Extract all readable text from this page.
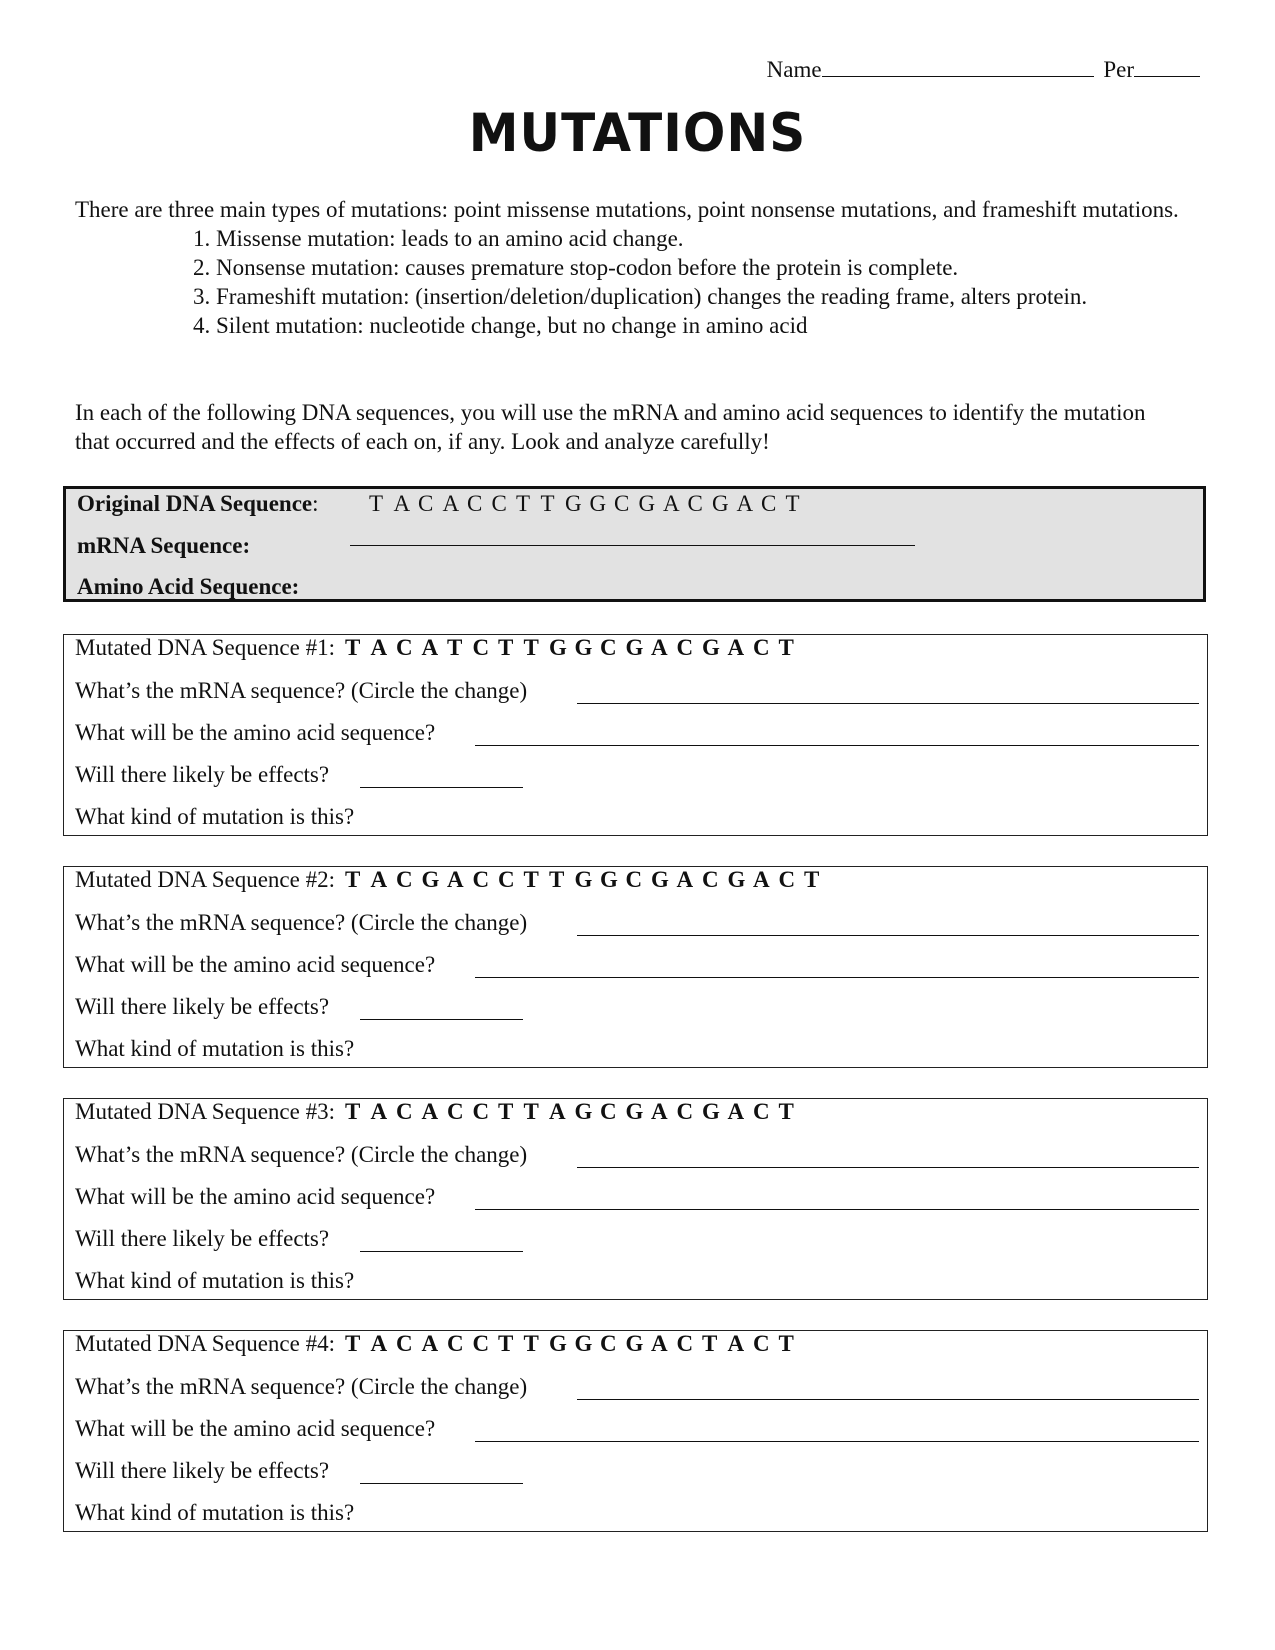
Name	Per
MUTATIONS

There are three main types of mutations: point missense mutations, point nonsense mutations, and frameshift mutations.

1. Missense mutation: leads to an amino acid change.
2. Nonsense mutation: causes premature stop-codon before the protein is complete.
3. Frameshift mutation: (insertion/deletion/duplication) changes the reading frame, alters protein.
4. Silent mutation: nucleotide change, but no change in amino acid
In each of the following DNA sequences, you will use the mRNA and amino acid sequences to identify the mutation that occurred and the effects of each on, if any. Look and analyze carefully!
Original DNA Sequence: T A C A C C T T G G C G A C G A C T
mRNA Sequence:
Amino Acid Sequence:
Mutated DNA Sequence #1: T A C A T C T T G G C G A C G A C T
What’s the mRNA sequence? (Circle the change)
What will be the amino acid sequence?
Will there likely be effects?
What kind of mutation is this?
Mutated DNA Sequence #2: T A C G A C C T T G G C G A C G A C T
What’s the mRNA sequence? (Circle the change)
What will be the amino acid sequence?
Will there likely be effects?
What kind of mutation is this?
Mutated DNA Sequence #3: T A C A C C T T A G C G A C G A C T
What’s the mRNA sequence? (Circle the change)
What will be the amino acid sequence?
Will there likely be effects?
What kind of mutation is this?
Mutated DNA Sequence #4: T A C A C C T T G G C G A C T A C T
What’s the mRNA sequence? (Circle the change)
What will be the amino acid sequence?
Will there likely be effects?
What kind of mutation is this?
